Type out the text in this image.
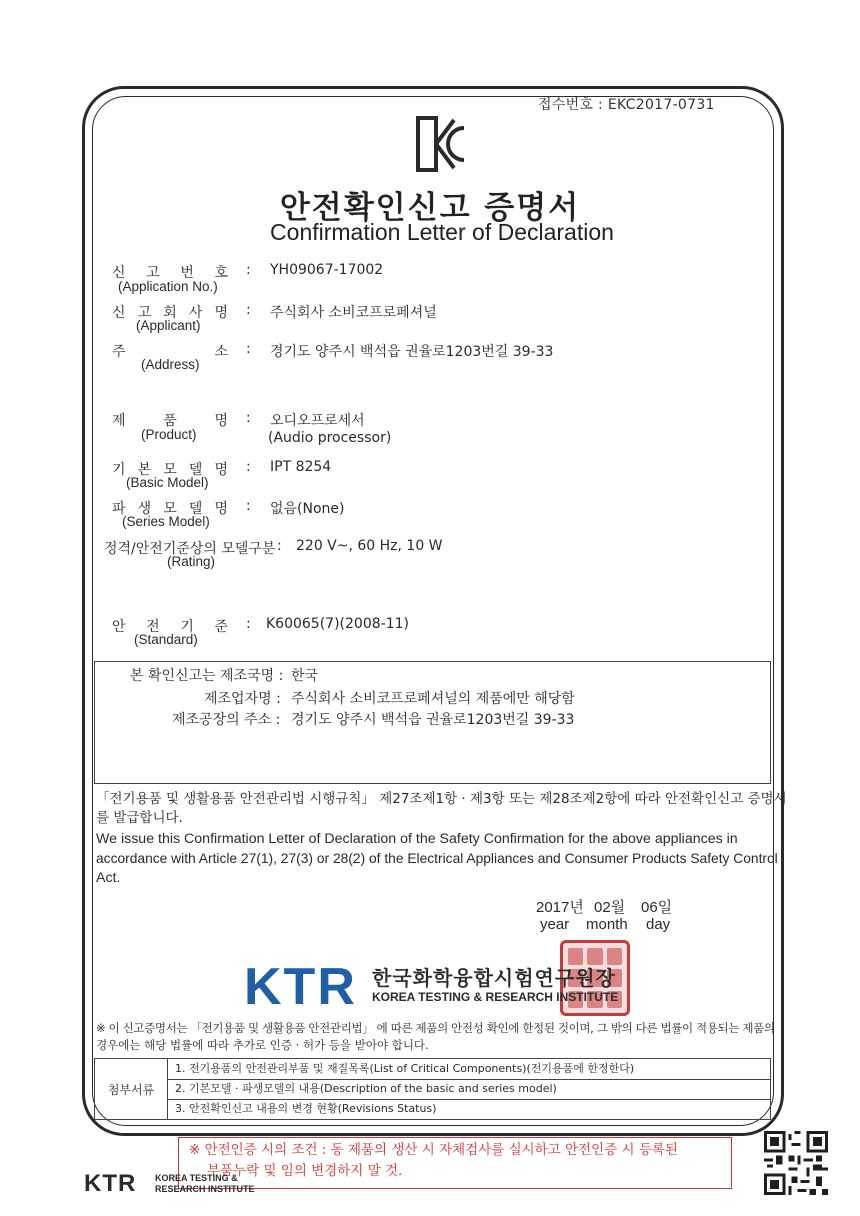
접수번호 : EKC2017-0731
안전확인신고 증명서
Confirmation Letter of Declaration
신 고 번 호
(Application No.)
: YH09067-17002
신 고 회 사 명
(Applicant)
: 주식회사 소비코프로페셔널
주	소
(Address)
: 경기도 양주시 백석읍 권율로1203번길 39-33
제	품	명
(Product)
: 오디오프로세서
(Audio processor)
기 본 모 델 명
(Basic Model)
: IPT 8254
파 생 모 델 명
(Series Model)
: 없음(None)
정격/안전기준상의 모델구분 :
(Rating)
220 V~, 60 Hz, 10 W
안 전 기 준
(Standard)
: K60065(7)(2008-11)
본 확인신고는 제조국명 : 한국
제조업자명 : 주식회사 소비코프로페셔널의 제품에만 해당함
제조공장의 주소 : 경기도 양주시 백석읍 권율로1203번길 39-33
「전기용품 및 생활용품 안전관리법 시행규칙」 제27조제1항 · 제3항 또는 제28조제2항에 따라 안전확인신고 증명서
를 발급합니다.
We issue this Confirmation Letter of Declaration of the Safety Confirmation for the above appliances in
accordance with Article 27(1), 27(3) or 28(2) of the Electrical Appliances and Consumer Products Safety Control
Act.
2017년 02월 06일
year month day
KTR 한국화학융합시험연구원장
KOREA TESTING & RESEARCH INSTITUTE
※ 이 신고증명서는 「전기용품 및 생활용품 안전관리법」 에 따른 제품의 안전성 확인에 한정된 것이며, 그 밖의 다른 법률이 적용되는 제품의
경우에는 해당 법률에 따라 추가로 인증 · 허가 등을 받아야 합니다.
첨부서류
1. 전기용품의 안전관리부품 및 재질목록(List of Critical Components)(전기용품에 한정한다)
2. 기본모델 · 파생모델의 내용(Description of the basic and series model)
3. 안전확인신고 내용의 변경 현황(Revisions Status)
※ 안전인증 시의 조건 : 동 제품의 생산 시 자체검사를 실시하고 안전인증 시 등록된
부품누락 및 임의 변경하지 말 것.
KTR KOREA TESTING &
RESEARCH INSTITUTE
